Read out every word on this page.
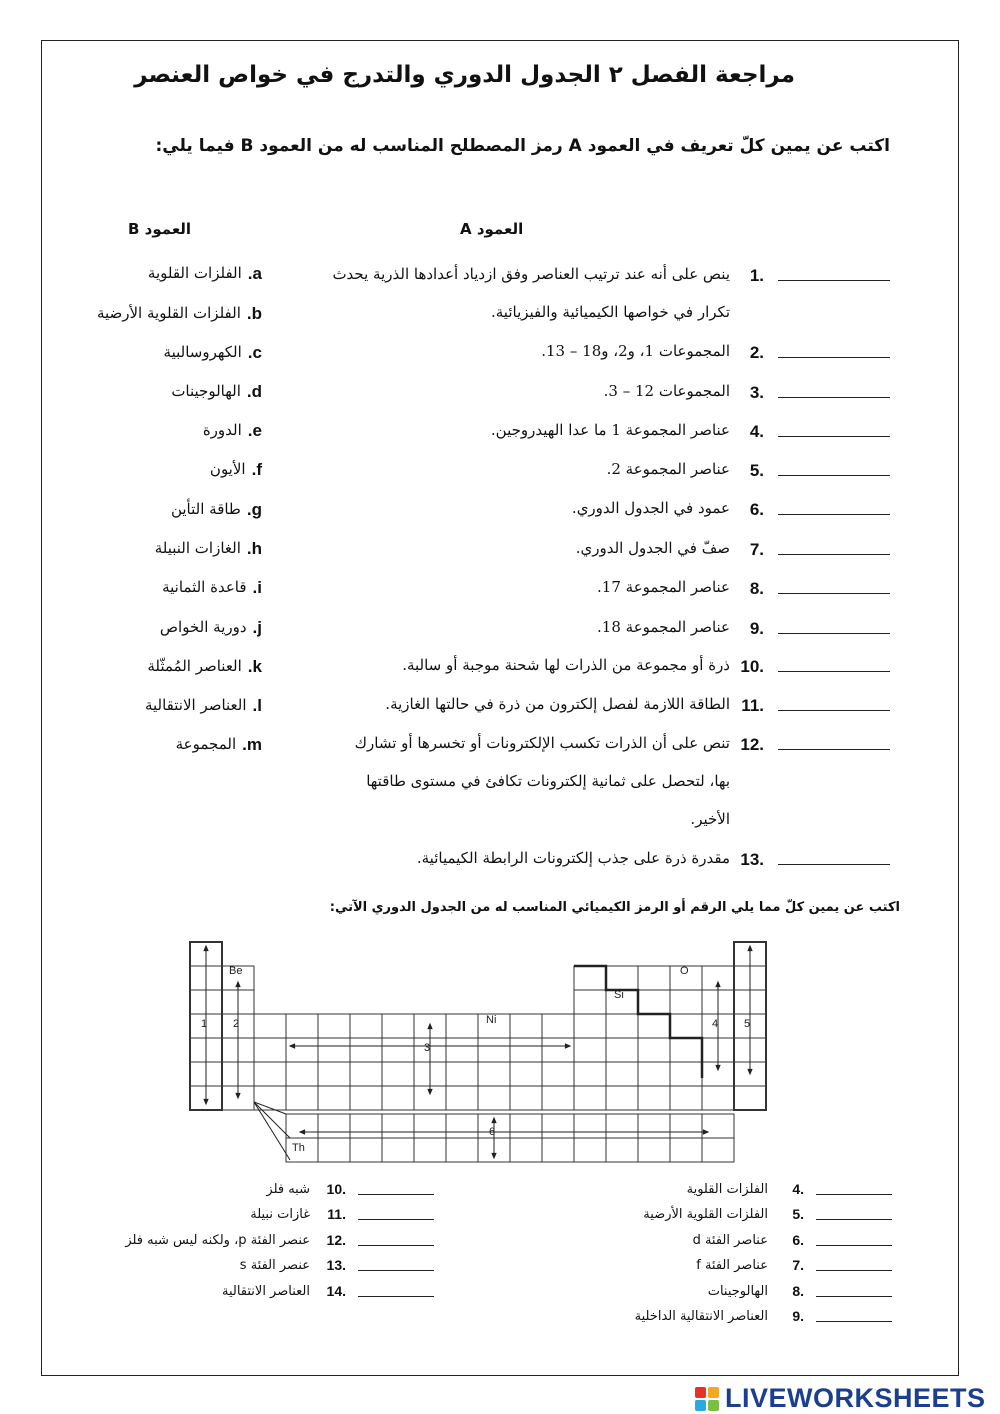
مراجعة الفصل ٢ الجدول الدوري والتدرج في خواص العنصر
اكتب عن يمين كلّ تعريف في العمود A رمز المصطلح المناسب له من العمود B فيما يلي:
العمود A
العمود B
1.
ينص على أنه عند ترتيب العناصر وفق ازدياد أعدادها الذرية يحدث
تكرار في خواصها الكيميائية والفيزيائية.
2.
المجموعات 1، و2، و18 – 13.
3.
المجموعات 12 – 3.
4.
عناصر المجموعة 1 ما عدا الهيدروجين.
5.
عناصر المجموعة 2.
6.
عمود في الجدول الدوري.
7.
صفّ في الجدول الدوري.
8.
عناصر المجموعة 17.
9.
عناصر المجموعة 18.
10.
ذرة أو مجموعة من الذرات لها شحنة موجبة أو سالبة.
11.
الطاقة اللازمة لفصل إلكترون من ذرة في حالتها الغازية.
12.
تنص على أن الذرات تكسب الإلكترونات أو تخسرها أو تشارك
بها، لتحصل على ثمانية إلكترونات تكافئ في مستوى طاقتها
الأخير.
13.
مقدرة ذرة على جذب إلكترونات الرابطة الكيميائية.
a.
الفلزات القلوية
b.
الفلزات القلوية الأرضية
c.
الكهروسالبية
d.
الهالوجينات
e.
الدورة
f.
الأيون
g.
طاقة التأين
h.
الغازات النبيلة
i.
قاعدة الثمانية
j.
دورية الخواص
k.
العناصر المُمثّلة
l.
العناصر الانتقالية
m.
المجموعة
اكتب عن يمين كلّ مما يلي الرقم أو الرمز الكيميائي المناسب له من الجدول الدوري الآتي:
Be
Si
O
Ni
Th
1 2
3
4 5
6
4.
الفلزات القلوية
5.
الفلزات القلوية الأرضية
6.
عناصر الفئة d
7.
عناصر الفئة f
8.
الهالوجينات
9.
العناصر الانتقالية الداخلية
10.
شبه فلز
11.
غازات نبيلة
12.
عنصر الفئة p، ولكنه ليس شبه فلز
13.
عنصر الفئة s
14.
العناصر الانتقالية
LIVEWORKSHEETS
